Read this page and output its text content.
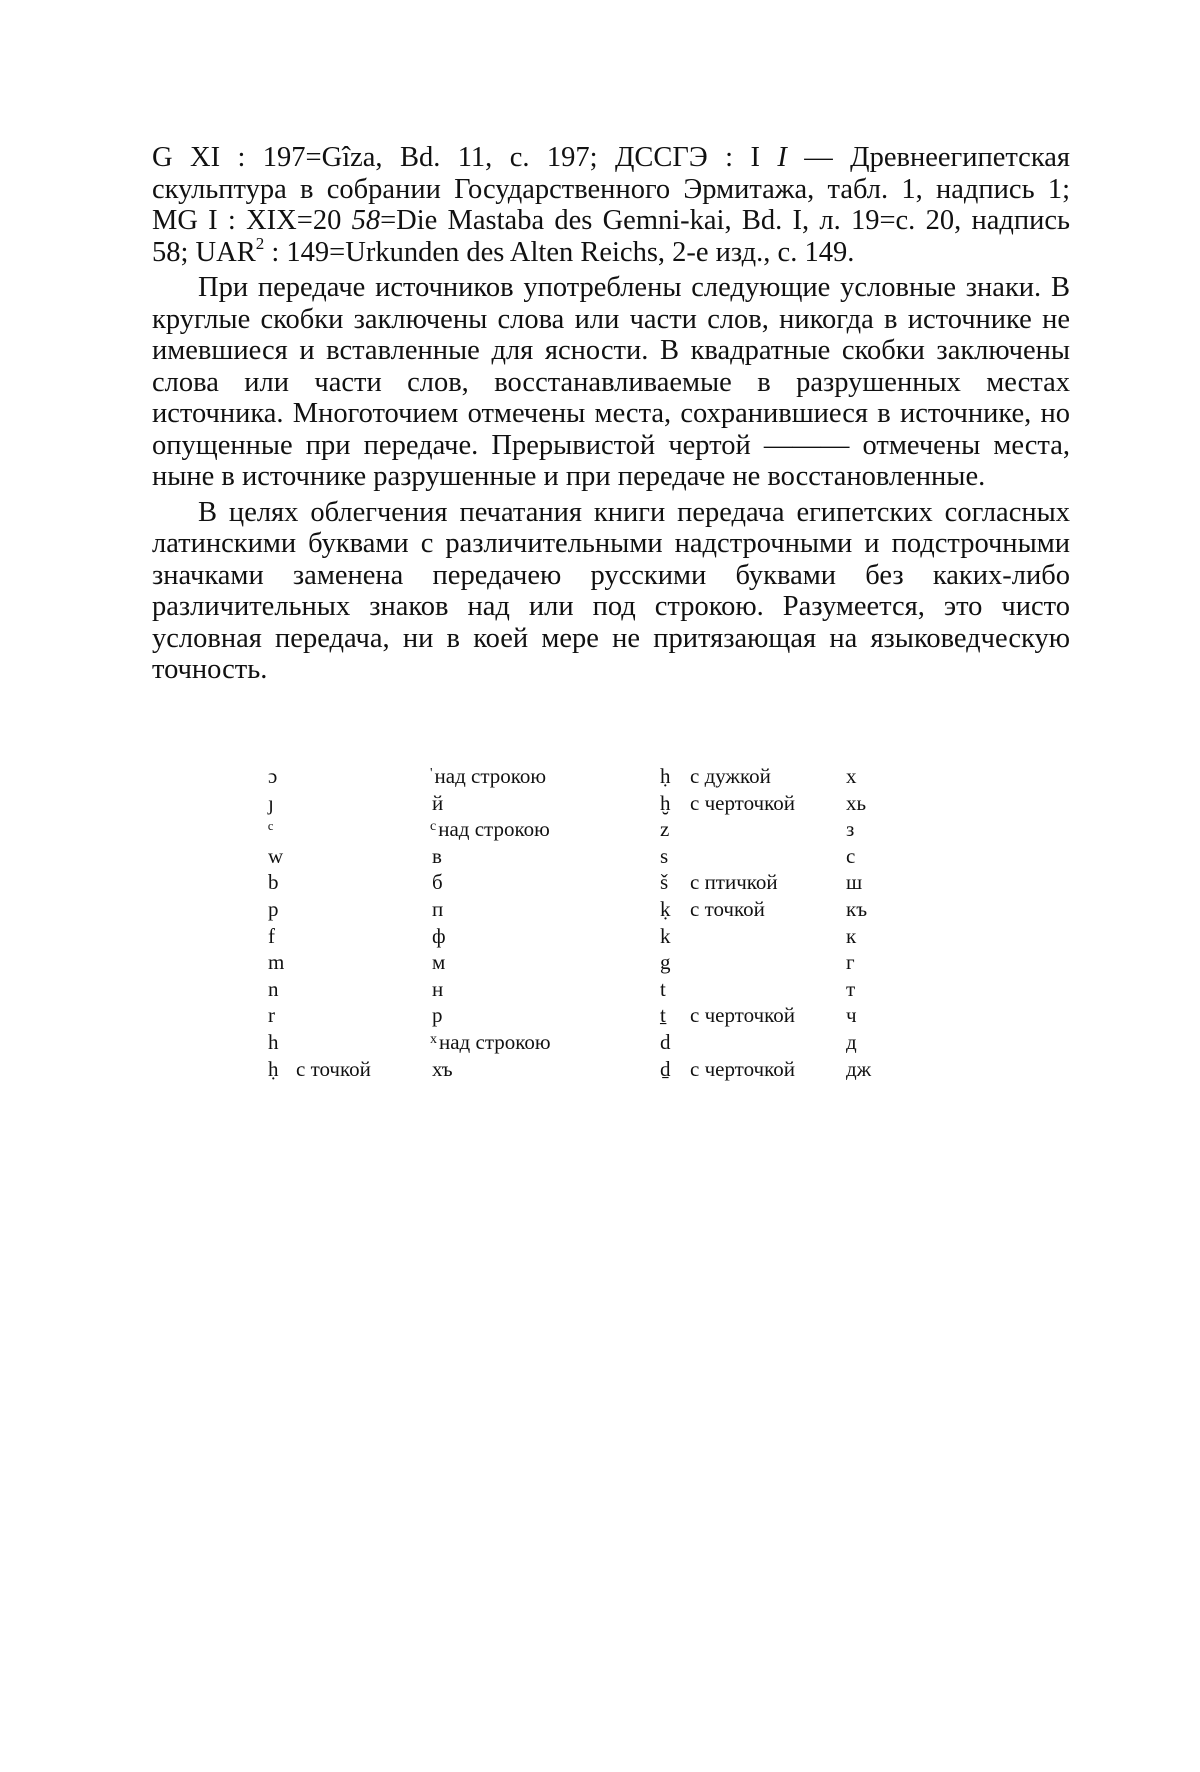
G XI : 197=Gîza, Bd. 11, с. 197; ДССГЭ : I I — Древнеегипетская скульптура в собрании Государственного Эрмитажа, табл. 1, надпись 1; MG I : XIX=20 58=Die Mastaba des Gemni-kai, Bd. I, л. 19=с. 20, надпись 58; UAR$^2$ : 149=Urkunden des Alten Reichs, 2-е изд., с. 149.

При передаче источников употреблены следующие условные знаки. В круглые скобки заключены слова или части слов, никогда в источнике не имевшиеся и вставленные для ясности. В квадратные скобки заключены слова или части слов, восстанавливаемые в разрушенных местах источника. Многоточием отмечены места, сохранившиеся в источнике, но опущенные при передаче. Прерывистой чертой ——— отмечены места, ныне в источнике разрушенные и при передаче не восстановленные.

В целях облегчения печатания книги передача египетских согласных латинскими буквами с различительными надстрочными и подстрочными значками заменена передачею русскими буквами без каких-либо различительных знаков над или под строкою. Разумеется, это чисто условная передача, ни в коей мере не притязающая на языковедческую точность.

ɔ		'над строкою	ḥ	с дужкой	х
ȷ		й	ḫ	с черточкой	хь
ᶜ		$^с$над строкою	z		з
w		в	s		с
b		б	š	с птичкой	ш
p		п	ḳ	с точкой	къ
f		ф	k		к
m		м	g		г
n		н	t		т
r		р	ṯ	с черточкой	ч
h		$^x$над строкою	d		д
ḥ	с точкой	хъ	ḏ	с черточкой	дж
